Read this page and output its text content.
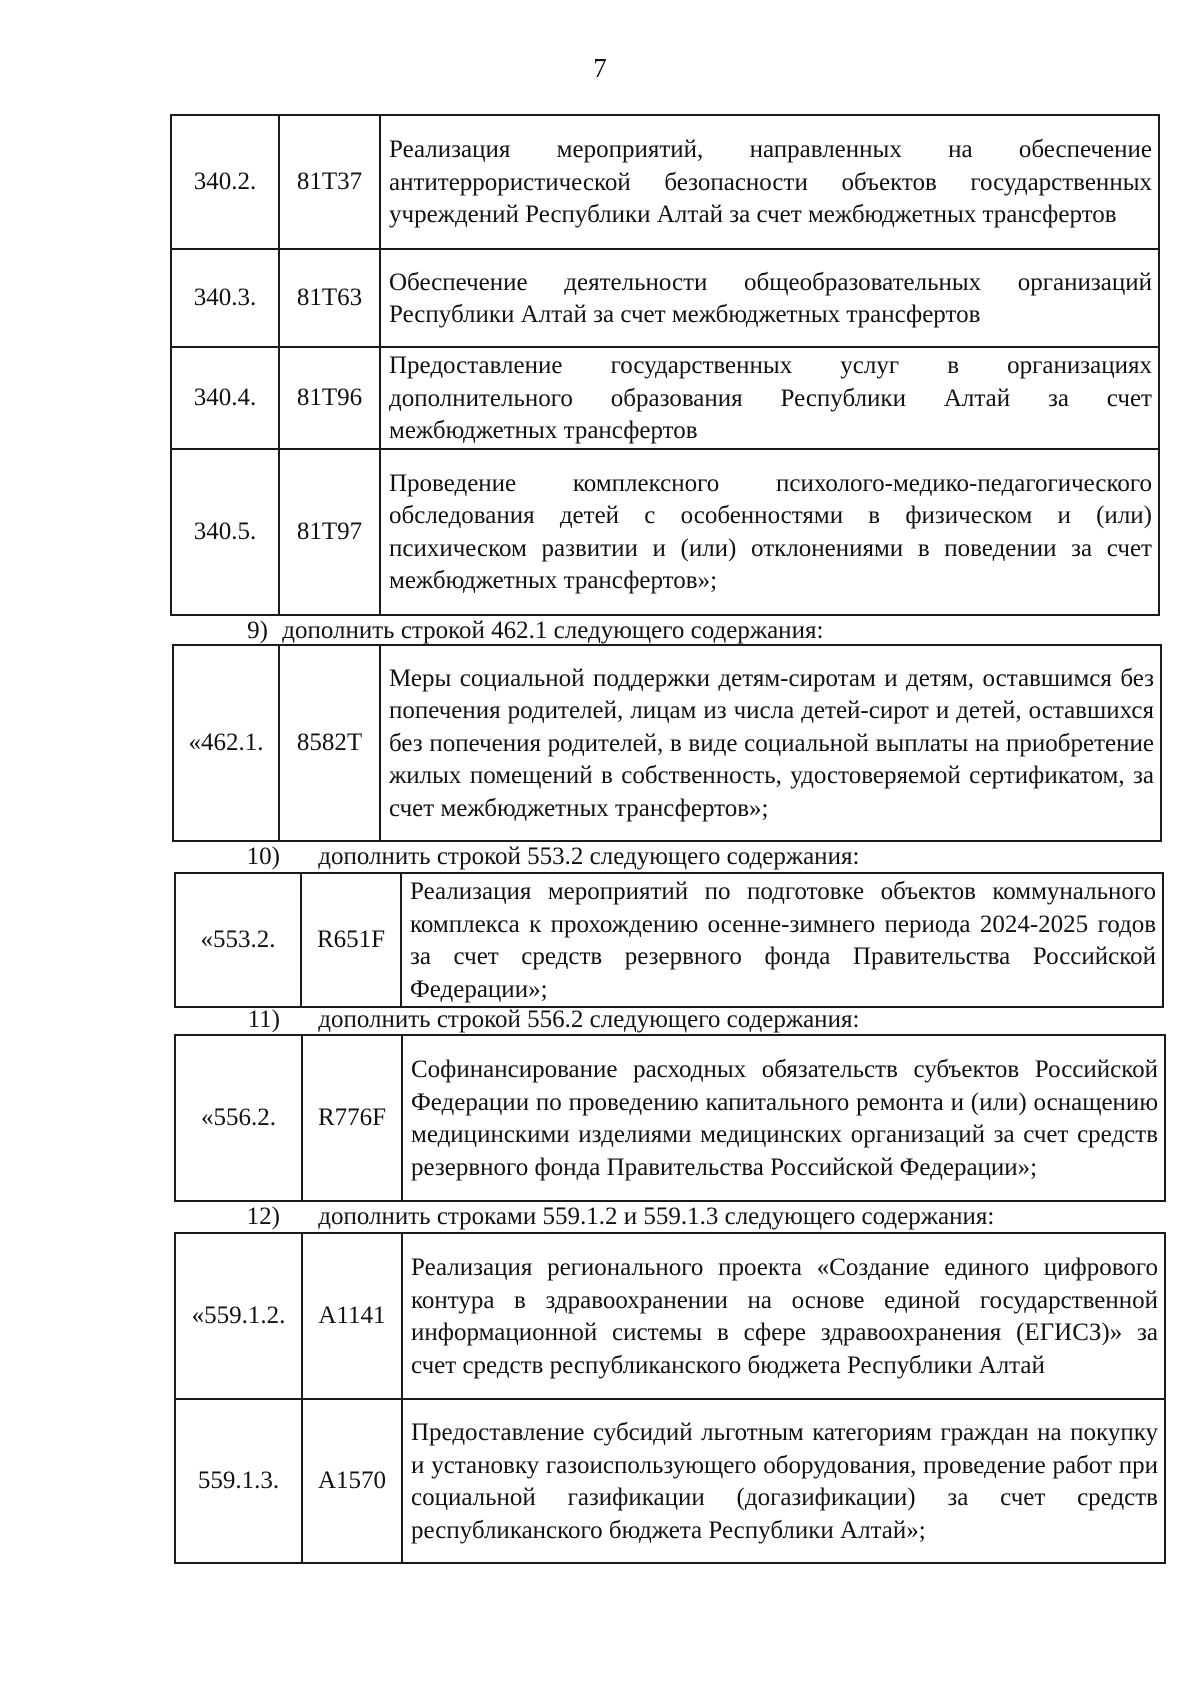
7
340.2.	81Т37	Реализация мероприятий, направленных на обеспечение антитеррористической безопасности объектов государственных учреждений Республики Алтай за счет межбюджетных трансфертов
340.3.	81Т63	Обеспечение деятельности общеобразовательных организаций Республики Алтай за счет межбюджетных трансфертов
340.4.	81Т96	Предоставление государственных услуг в организациях дополнительного образования Республики Алтай за счет межбюджетных трансфертов
340.5.	81Т97	Проведение комплексного психолого-медико-педагогического обследования детей с особенностями в физическом и (или) психическом развитии и (или) отклонениями в поведении за счет межбюджетных трансфертов»;
9) дополнить строкой 462.1 следующего содержания:
«462.1.	8582Т	Меры социальной поддержки детям-сиротам и детям, оставшимся без попечения родителей, лицам из числа детей-сирот и детей, оставшихся без попечения родителей, в виде социальной выплаты на приобретение жилых помещений в собственность, удостоверяемой сертификатом, за счет межбюджетных трансфертов»;
10) дополнить строкой 553.2 следующего содержания:
«553.2.	R651F	Реализация мероприятий по подготовке объектов коммунального комплекса к прохождению осенне-зимнего периода 2024-2025 годов за счет средств резервного фонда Правительства Российской Федерации»;
11) дополнить строкой 556.2 следующего содержания:
«556.2.	R776F	Софинансирование расходных обязательств субъектов Российской Федерации по проведению капитального ремонта и (или) оснащению медицинскими изделиями медицинских организаций за счет средств резервного фонда Правительства Российской Федерации»;
12) дополнить строками 559.1.2 и 559.1.3 следующего содержания:
«559.1.2.	А1141	Реализация регионального проекта «Создание единого цифрового контура в здравоохранении на основе единой государственной информационной системы в сфере здравоохранения (ЕГИСЗ)» за счет средств республиканского бюджета Республики Алтай
559.1.3.	А1570	Предоставление субсидий льготным категориям граждан на покупку и установку газоиспользующего оборудования, проведение работ при социальной газификации (догазификации) за счет средств республиканского бюджета Республики Алтай»;
